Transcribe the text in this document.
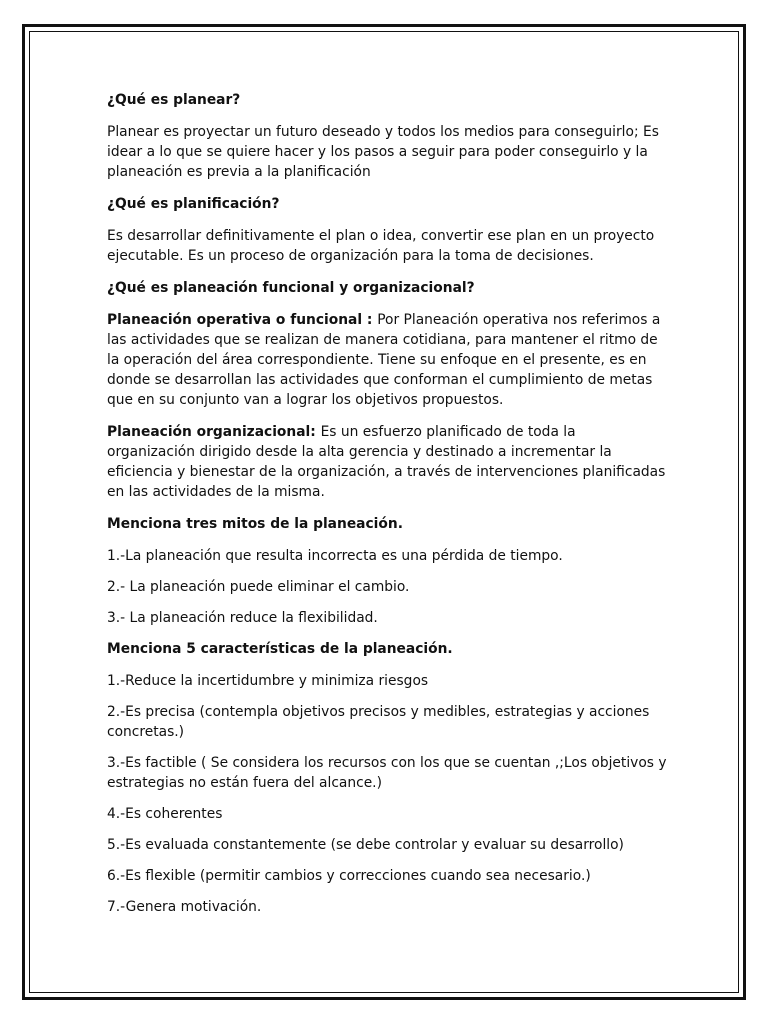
¿Qué es planear?

Planear es proyectar un futuro deseado y todos los medios para conseguirlo; Es idear a lo que se quiere hacer y los pasos a seguir para poder conseguirlo y la planeación es previa a la planificación

¿Qué es planificación?

Es desarrollar definitivamente el plan o idea, convertir ese plan en un proyecto ejecutable. Es un proceso de organización para la toma de decisiones.

¿Qué es planeación funcional y organizacional?

Planeación operativa o funcional : Por Planeación operativa nos referimos a las actividades que se realizan de manera cotidiana, para mantener el ritmo de la operación del área correspondiente. Tiene su enfoque en el presente, es en donde se desarrollan las actividades que conforman el cumplimiento de metas que en su conjunto van a lograr los objetivos propuestos.

Planeación organizacional: Es un esfuerzo planificado de toda la organización dirigido desde la alta gerencia y destinado a incrementar la eficiencia y bienestar de la organización, a través de intervenciones planificadas en las actividades de la misma.

Menciona tres mitos de la planeación.

1.-La planeación que resulta incorrecta es una pérdida de tiempo.

2.- La planeación puede eliminar el cambio.

3.- La planeación reduce la flexibilidad.

Menciona 5 características de la planeación.

1.-Reduce la incertidumbre y minimiza riesgos

2.-Es precisa (contempla objetivos precisos y medibles, estrategias y acciones concretas.)

3.-Es factible ( Se considera los recursos con los que se cuentan ,;Los objetivos y estrategias no están fuera del alcance.)

4.-Es coherentes

5.-Es evaluada constantemente (se debe controlar y evaluar su desarrollo)

6.-Es flexible (permitir cambios y correcciones cuando sea necesario.)

7.-Genera motivación.
